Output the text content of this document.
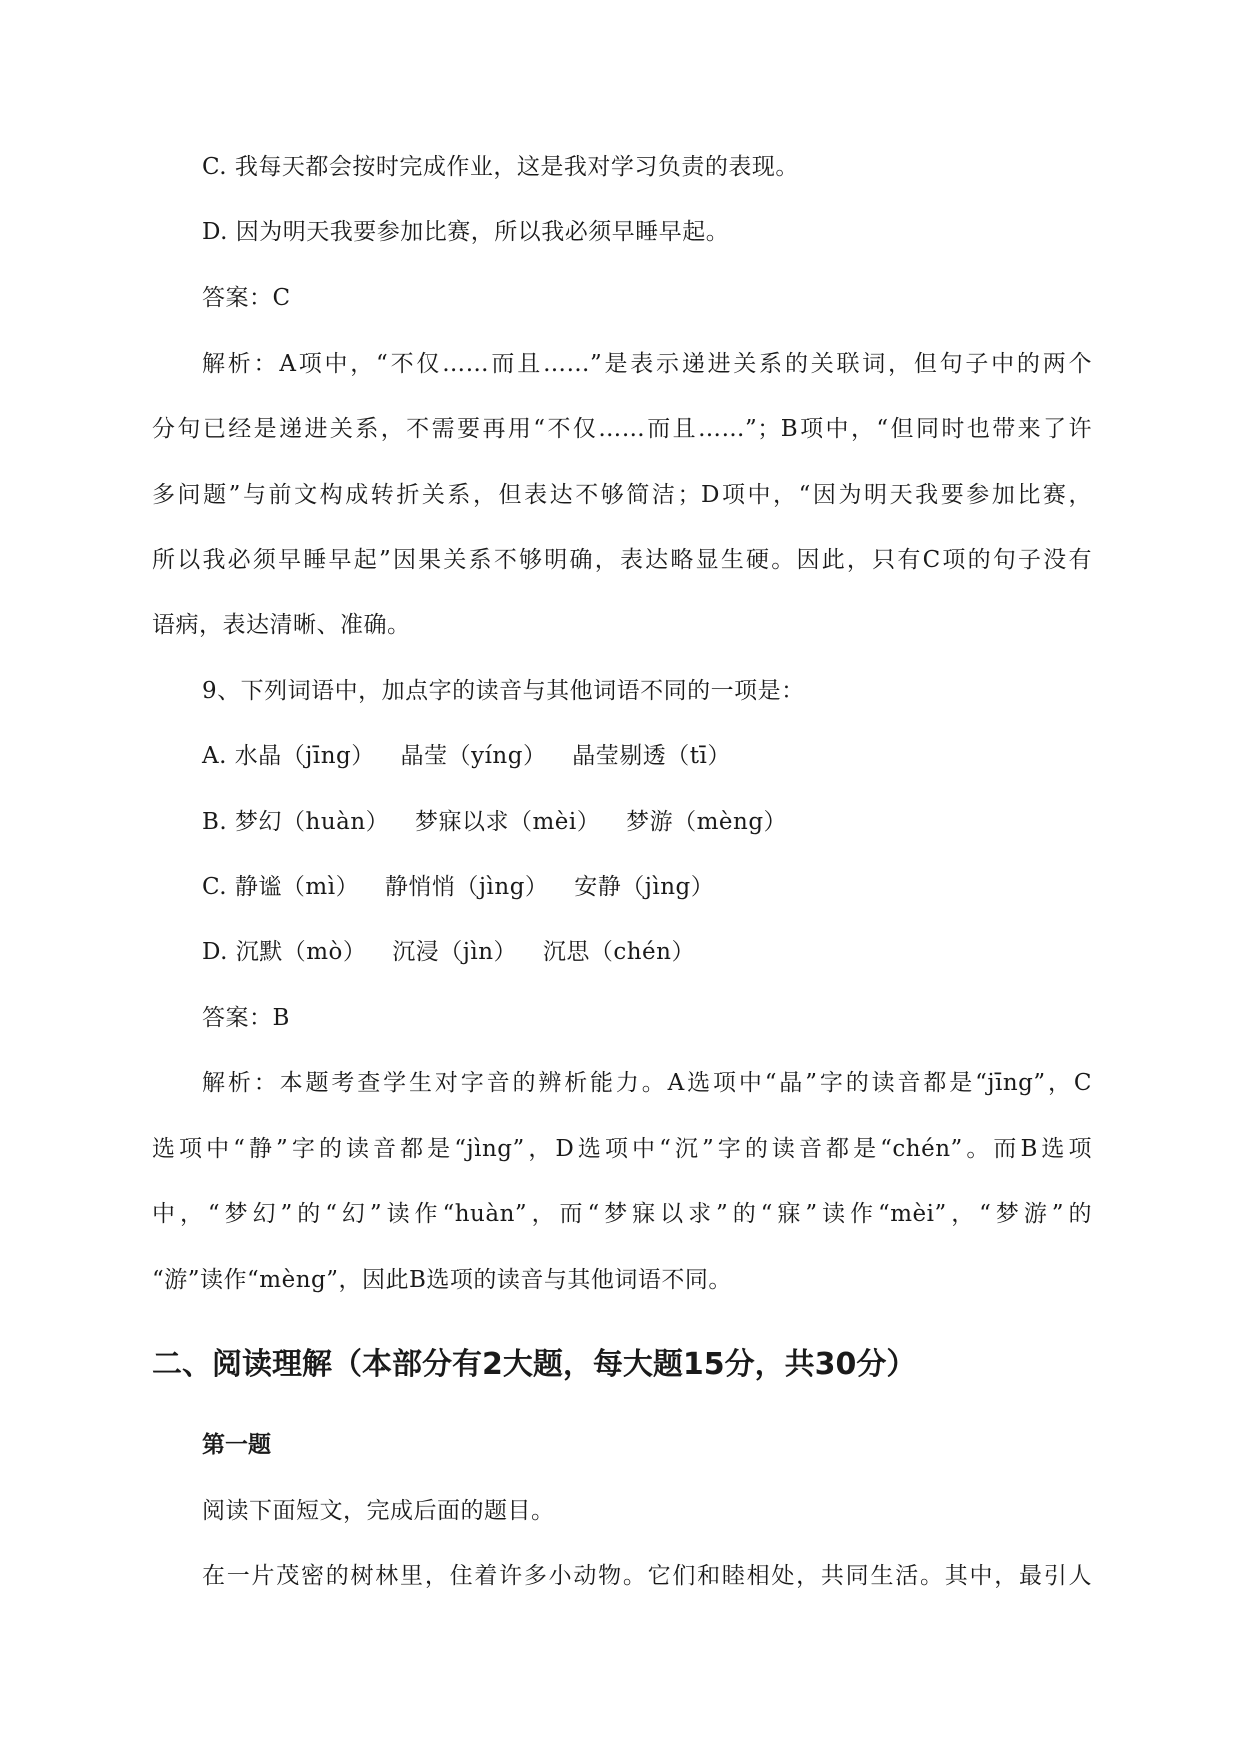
C. 我每天都会按时完成作业，这是我对学习负责的表现。
D. 因为明天我要参加比赛，所以我必须早睡早起。
答案：C
解析：A项中，“不仅……而且……”是表示递进关系的关联词，但句子中的两个
分句已经是递进关系，不需要再用“不仅……而且……”；B项中，“但同时也带来了许
多问题”与前文构成转折关系，但表达不够简洁；D项中，“因为明天我要参加比赛，
所以我必须早睡早起”因果关系不够明确，表达略显生硬。因此，只有C项的句子没有
语病，表达清晰、准确。
9、下列词语中，加点字的读音与其他词语不同的一项是：
A. 水晶（jīng） 晶莹（yíng） 晶莹剔透（tī）
B. 梦幻（huàn） 梦寐以求（mèi） 梦游（mèng）
C. 静谧（mì） 静悄悄（jìng） 安静（jìng）
D. 沉默（mò） 沉浸（jìn） 沉思（chén）
答案：B
解析：本题考查学生对字音的辨析能力。A选项中“晶”字的读音都是“jīng”，C
选项中“静”字的读音都是“jìng”，D选项中“沉”字的读音都是“chén”。而B选项
中，“梦幻”的“幻”读作“huàn”，而“梦寐以求”的“寐”读作“mèi”，“梦游”的
“游”读作“mèng”，因此B选项的读音与其他词语不同。
二、阅读理解（本部分有2大题，每大题15分，共30分）
第一题
阅读下面短文，完成后面的题目。
在一片茂密的树林里，住着许多小动物。它们和睦相处，共同生活。其中，最引人
